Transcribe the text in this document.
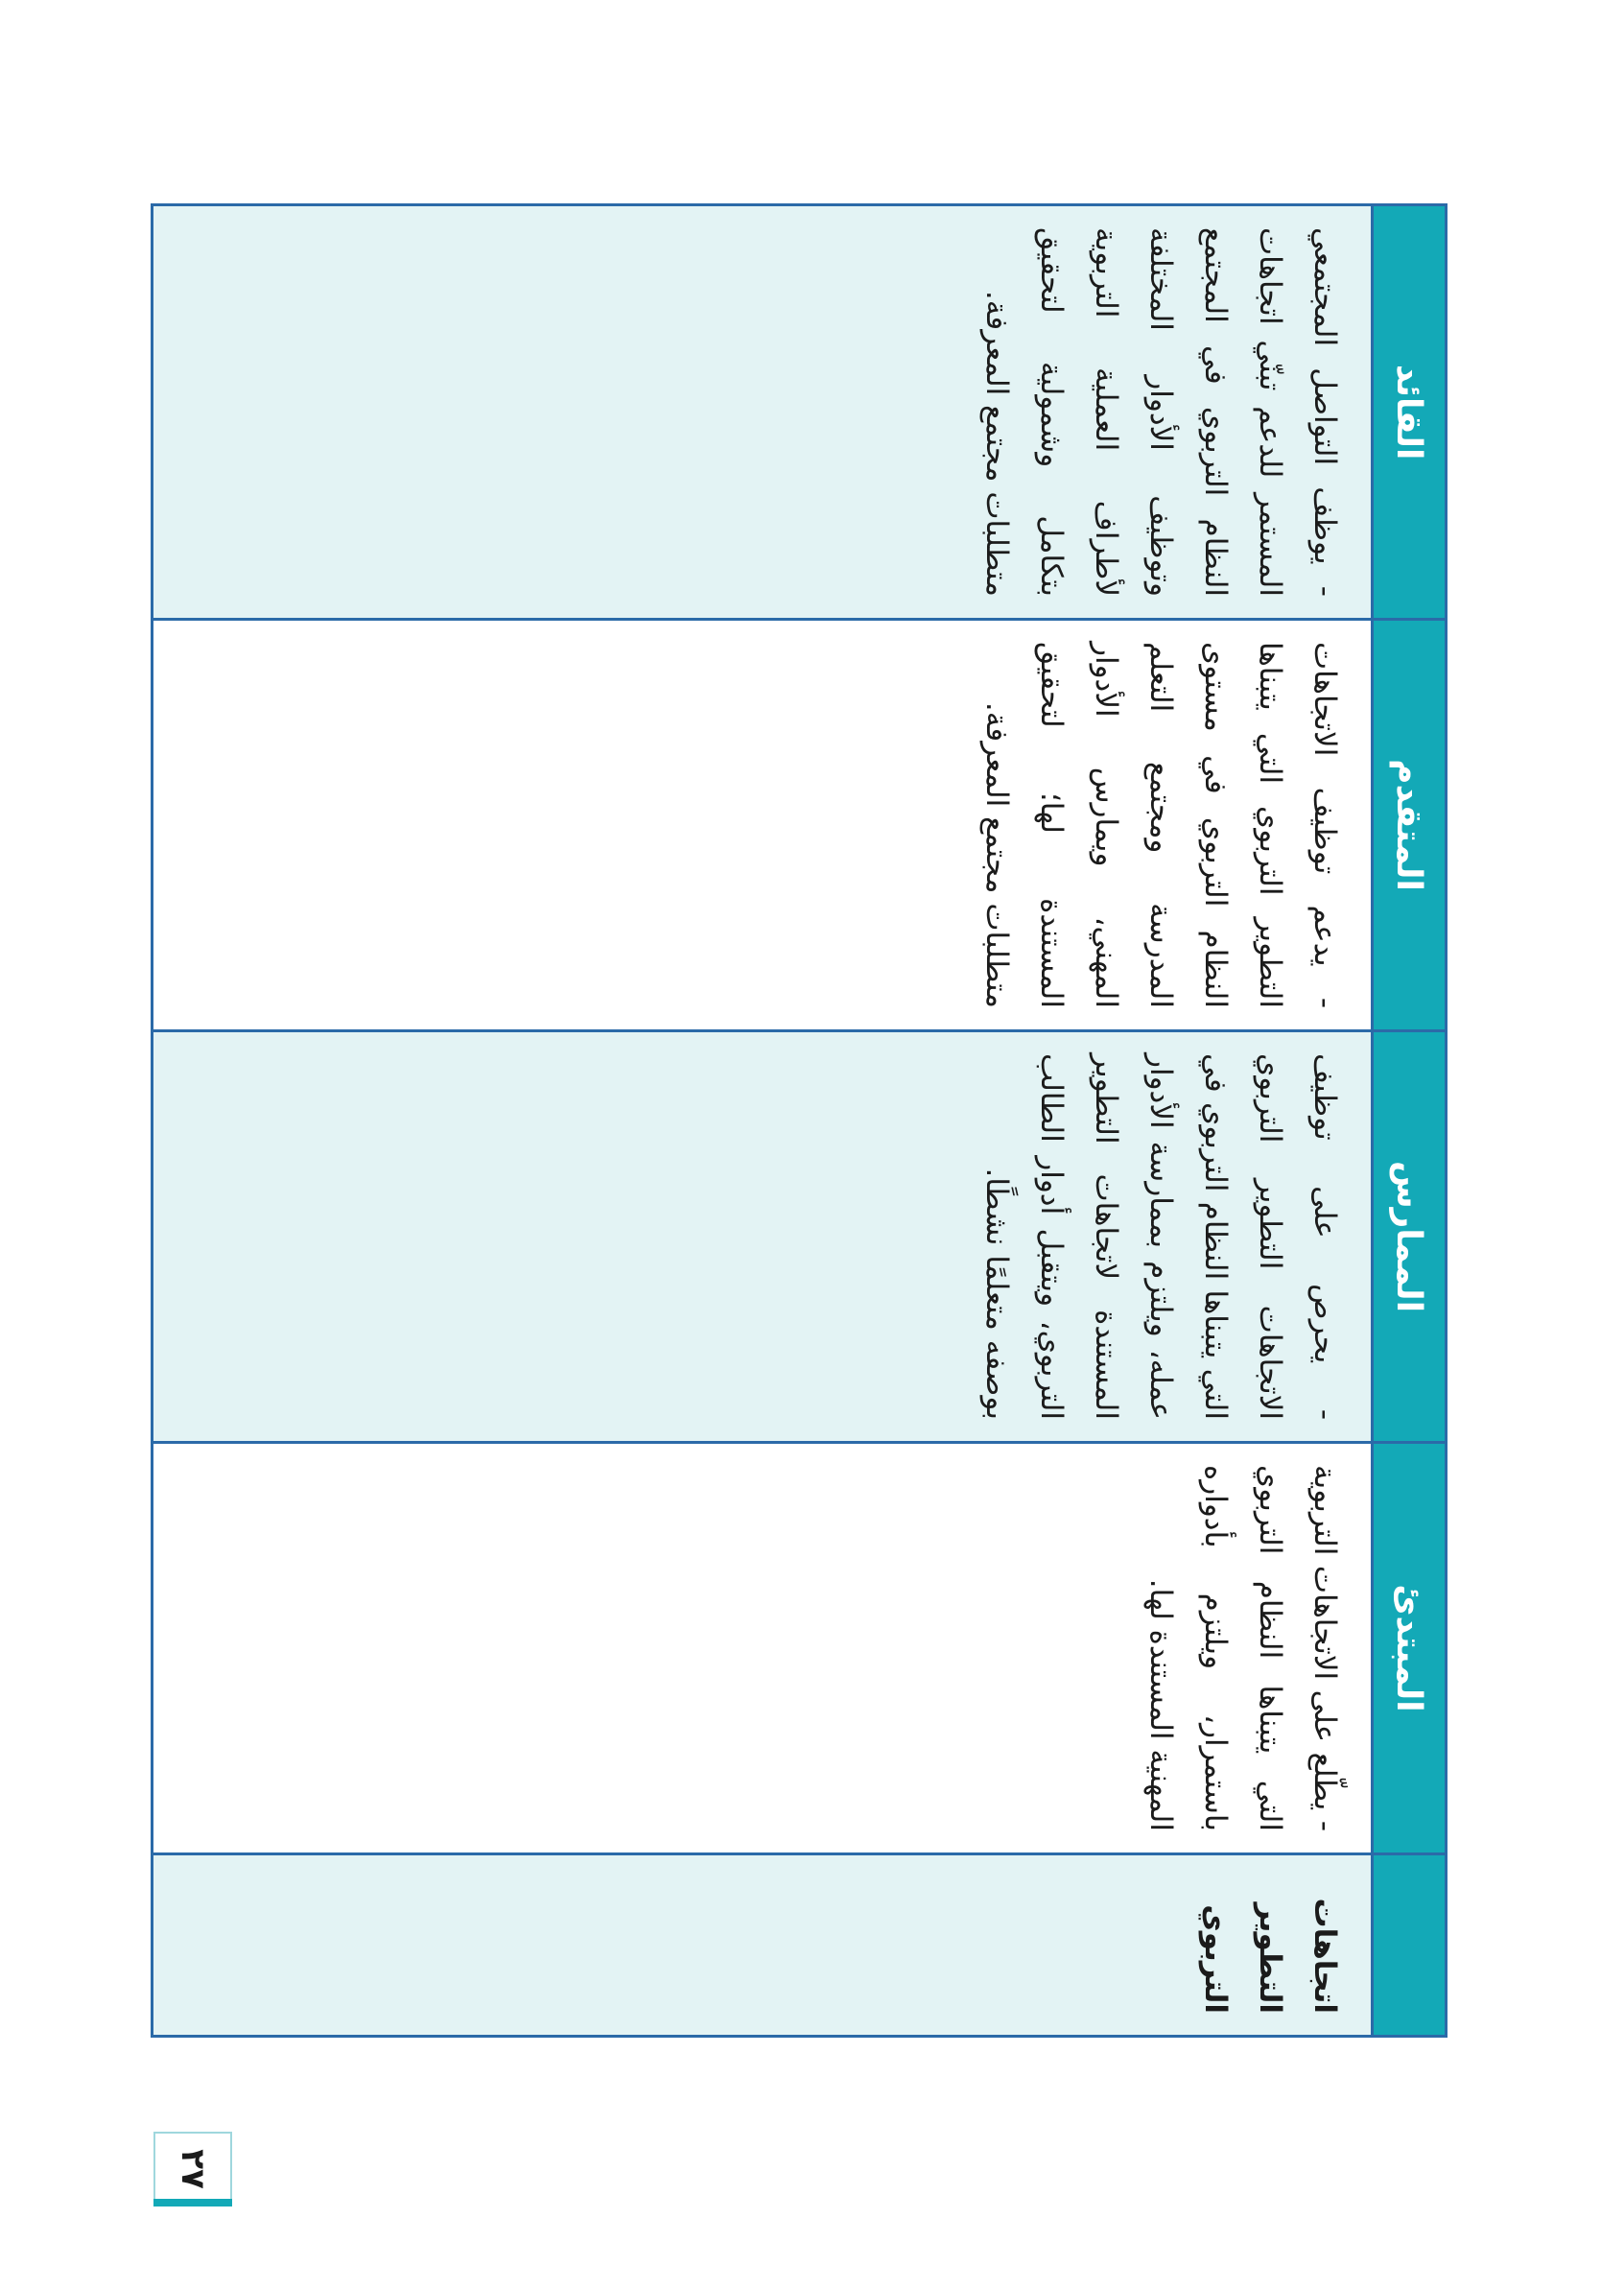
المبتدئ
الممارس
المتقدم
القائد
اتجاهات التطوير التربوي
- يطّلع على الاتجاهات التربوية التي يتبناها النظام التربوي باستمرار، ويلتزم بأدواره المهنية المستندة لها.
- يحرص على توظيف الاتجاهات التطوير التربوي التي يتبناها النظام التربوي في عمله، ويلتزم بممارسة الأدوار المستندة لاتجاهات التطوير التربوي، ويتقبل أدوار الطالب بوصفه متعلمًا نشطًا.
- يدعم توظيف الاتجاهات التطوير التربوي التي يتبناها النظام التربوي في مستوى المدرسة ومجتمع التعلم المهني، ويمارس الأدوار المستندة لها؛ لتحقيق متطلبات مجتمع المعرفة.
- يوظف التواصل المجتمعي المستمر للدعم تبنّي اتجاهات النظام التربوي في المجتمع وتوظيف الأدوار المختلفة لأطراف العملية التربوية بتكامل وشمولية لتحقيق متطلبات مجتمع المعرفة.
٢٧
